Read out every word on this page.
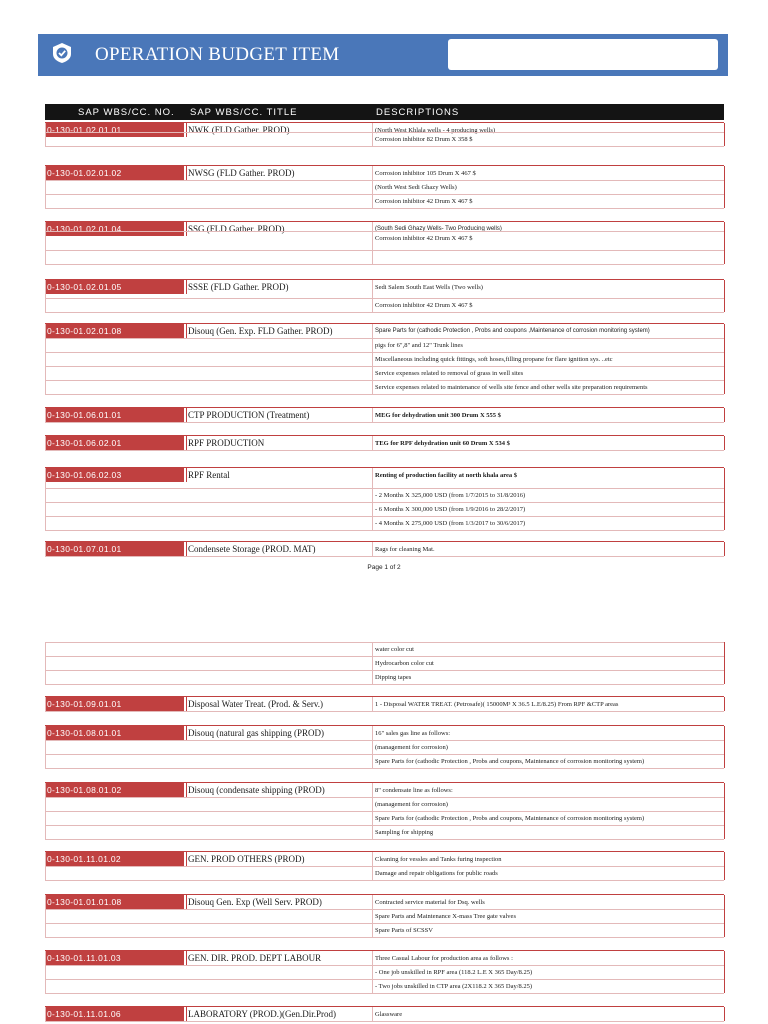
OPERATION BUDGET ITEM
SAP WBS/CC. NO. SAP WBS/CC. TITLE	DESCRIPTIONS
0-130-01.02.01.01	NWK (FLD Gather. PROD)	(North West Khlala wells - 4 producing wells)
Corrosion inhibitor 82 Drum X 358 $
0-130-01.02.01.02	NWSG (FLD Gather. PROD)	Corrosion inhibitor 105 Drum X 467 $
(North West Sedi Ghazy Wells)
Corrosion inhibitor 42 Drum X 467 $
0-130-01.02.01.04	SSG (FLD Gather. PROD)	(South Sedi Ghazy Wells- Two Producing wells)
Corrosion inhibitor 42 Drum X 467 $
0-130-01.02.01.05	SSSE (FLD Gather. PROD)	Sedi Salem South East Wells (Two wells)
Corrosion inhibitor 42 Drum X 467 $
0-130-01.02.01.08	Disouq (Gen. Exp. FLD Gather. PROD)	Spare Parts for (cathodic Protection , Probs and coupons ,Maintenance of corrosion monitoring system)
pigs for 6",8" and 12" Trunk lines
Miscellaneous including quick fittings, soft hoses,filling propane for flare ignition sys. ..etc
Service expenses related to removal of grass in well sites
Service expenses related to maintenance of wells site fence and other wells site preparation requirements
0-130-01.06.01.01	CTP PRODUCTION (Treatment)	MEG for dehydration unit 300 Drum X 555 $
0-130-01.06.02.01	RPF PRODUCTION	TEG for RPF dehydration unit 60 Drum X 534 $
0-130-01.06.02.03	RPF Rental	Renting of production facility at north khala area $
- 2 Months X 325,000 USD (from 1/7/2015 to 31/8/2016)
- 6 Months X 300,000 USD (from 1/9/2016 to 28/2/2017)
- 4 Months X 275,000 USD (from 1/3/2017 to 30/6/2017)
0-130-01.07.01.01	Condensete Storage (PROD. MAT)	Rags for cleaning Mat.
Page 1 of 2
water color cut
Hydrocarbon color cut
Dipping tapes
0-130-01.09.01.01	Disposal Water Treat. (Prod. & Serv.)	1 - Disposal WATER TREAT. (Petrosafe)( 15000M³ X 36.5 L.E/8.25) From RPF &CTP areas
0-130-01.08.01.01	Disouq (natural gas shipping (PROD)	16" sales gas line as follows:
(management for corrosion)
Spare Parts for (cathodic Protection , Probs and coupons, Maintenance of corrosion monitoring system)
0-130-01.08.01.02	Disouq (condensate shipping (PROD)	8" condensate line as follows:
(management for corrosion)
Spare Parts for (cathodic Protection , Probs and coupons, Maintenance of corrosion monitoring system)
Sampling for shipping
0-130-01.11.01.02	GEN. PROD OTHERS (PROD)	Cleaning for vessles and Tanks furing inspection
Damage and repair obligations for public roads
0-130-01.01.01.08	Disouq Gen. Exp (Well Serv. PROD)	Contracted service material for Dsq. wells
Spare Parts and Maintenance X-mass Tree gate valves
Spare Parts of SCSSV
0-130-01.11.01.03	GEN. DIR. PROD. DEPT LABOUR	Three Casual Labour for production area as follows :
- One job unskilled in RPF area (118.2 L.E X 365 Day/8.25)
- Two jobs unskilled in CTP area (2X118.2 X 365 Day/8.25)
0-130-01.11.01.06	LABORATORY (PROD.)(Gen.Dir.Prod)	Glassware
